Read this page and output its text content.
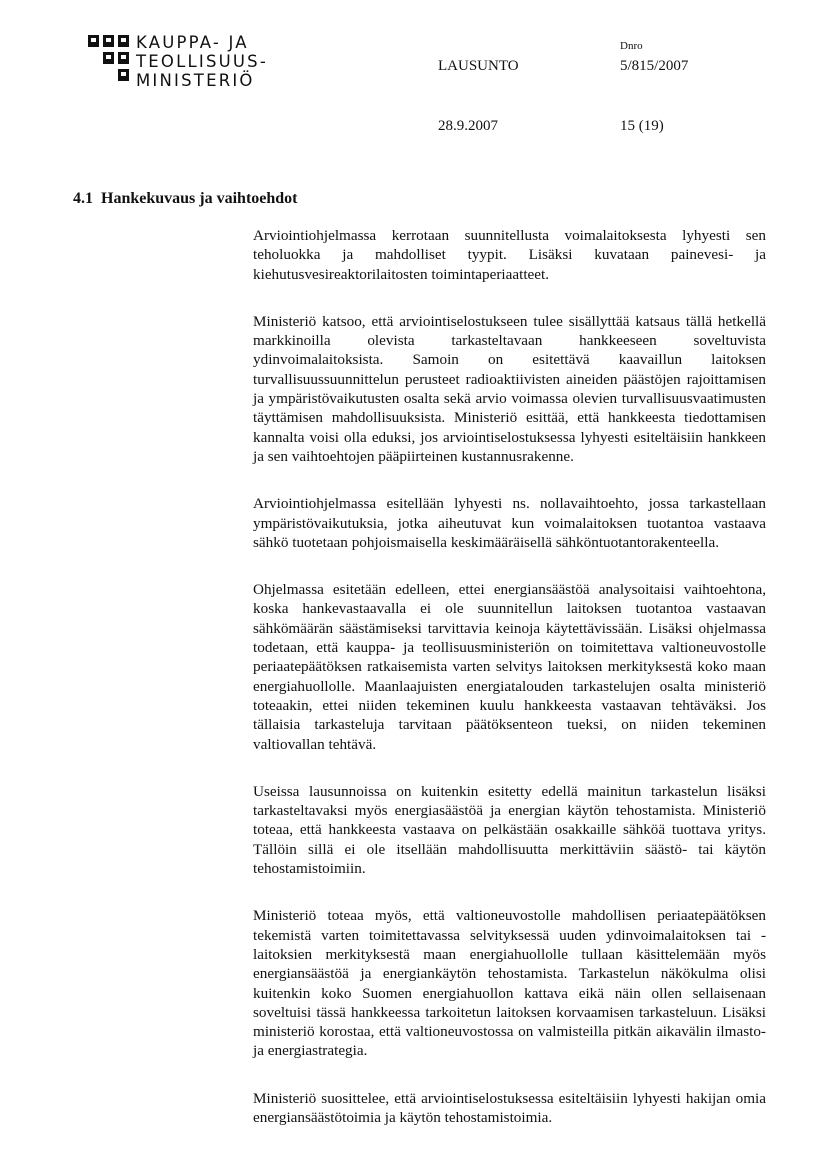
KAUPPA- JA
TEOLLISUUS-
MINISTERIÖ
LAUSUNTO
Dnro
5/815/2007
28.9.2007	15 (19)
4.1 Hankekuvaus ja vaihtoehdot

Arviointiohjelmassa kerrotaan suunnitellusta voimalaitoksesta lyhyesti sen teholuokka ja mahdolliset tyypit. Lisäksi kuvataan painevesi- ja kiehutusvesireaktorilaitosten toimintaperiaatteet.

Ministeriö katsoo, että arviointiselostukseen tulee sisällyttää katsaus tällä hetkellä markkinoilla olevista tarkasteltavaan hankkeeseen soveltuvista ydinvoimalaitoksista. Samoin on esitettävä kaavaillun laitoksen turvallisuussuunnittelun perusteet radioaktiivisten aineiden päästöjen rajoittamisen ja ympäristövaikutusten osalta sekä arvio voimassa olevien turvallisuusvaatimusten täyttämisen mahdollisuuksista. Ministeriö esittää, että hankkeesta tiedottamisen kannalta voisi olla eduksi, jos arviointiselostuksessa lyhyesti esiteltäisiin hankkeen ja sen vaihtoehtojen pääpiirteinen kustannusrakenne.

Arviointiohjelmassa esitellään lyhyesti ns. nollavaihtoehto, jossa tarkastellaan ympäristövaikutuksia, jotka aiheutuvat kun voimalaitoksen tuotantoa vastaava sähkö tuotetaan pohjoismaisella keskimääräisellä sähköntuotantorakenteella.

Ohjelmassa esitetään edelleen, ettei energiansäästöä analysoitaisi vaihtoehtona, koska hankevastaavalla ei ole suunnitellun laitoksen tuotantoa vastaavan sähkömäärän säästämiseksi tarvittavia keinoja käytettävissään. Lisäksi ohjelmassa todetaan, että kauppa- ja teollisuusministeriön on toimitettava valtioneuvostolle periaatepäätöksen ratkaisemista varten selvitys laitoksen merkityksestä koko maan energiahuollolle. Maanlaajuisten energiatalouden tarkastelujen osalta ministeriö toteaakin, ettei niiden tekeminen kuulu hankkeesta vastaavan tehtäväksi. Jos tällaisia tarkasteluja tarvitaan päätöksenteon tueksi, on niiden tekeminen valtiovallan tehtävä.

Useissa lausunnoissa on kuitenkin esitetty edellä mainitun tarkastelun lisäksi tarkasteltavaksi myös energiasäästöä ja energian käytön tehostamista. Ministeriö toteaa, että hankkeesta vastaava on pelkästään osakkaille sähköä tuottava yritys. Tällöin sillä ei ole itsellään mahdollisuutta merkittäviin säästö- tai käytön tehostamistoimiin.

Ministeriö toteaa myös, että valtioneuvostolle mahdollisen periaatepäätöksen tekemistä varten toimitettavassa selvityksessä uuden ydinvoimalaitoksen tai -laitoksien merkityksestä maan energiahuollolle tullaan käsittelemään myös energiansäästöä ja energiankäytön tehostamista. Tarkastelun näkökulma olisi kuitenkin koko Suomen energiahuollon kattava eikä näin ollen sellaisenaan soveltuisi tässä hankkeessa tarkoitetun laitoksen korvaamisen tarkasteluun. Lisäksi ministeriö korostaa, että valtioneuvostossa on valmisteilla pitkän aikavälin ilmasto- ja energiastrategia.

Ministeriö suosittelee, että arviointiselostuksessa esiteltäisiin lyhyesti hakijan omia energiansäästötoimia ja käytön tehostamistoimia.
